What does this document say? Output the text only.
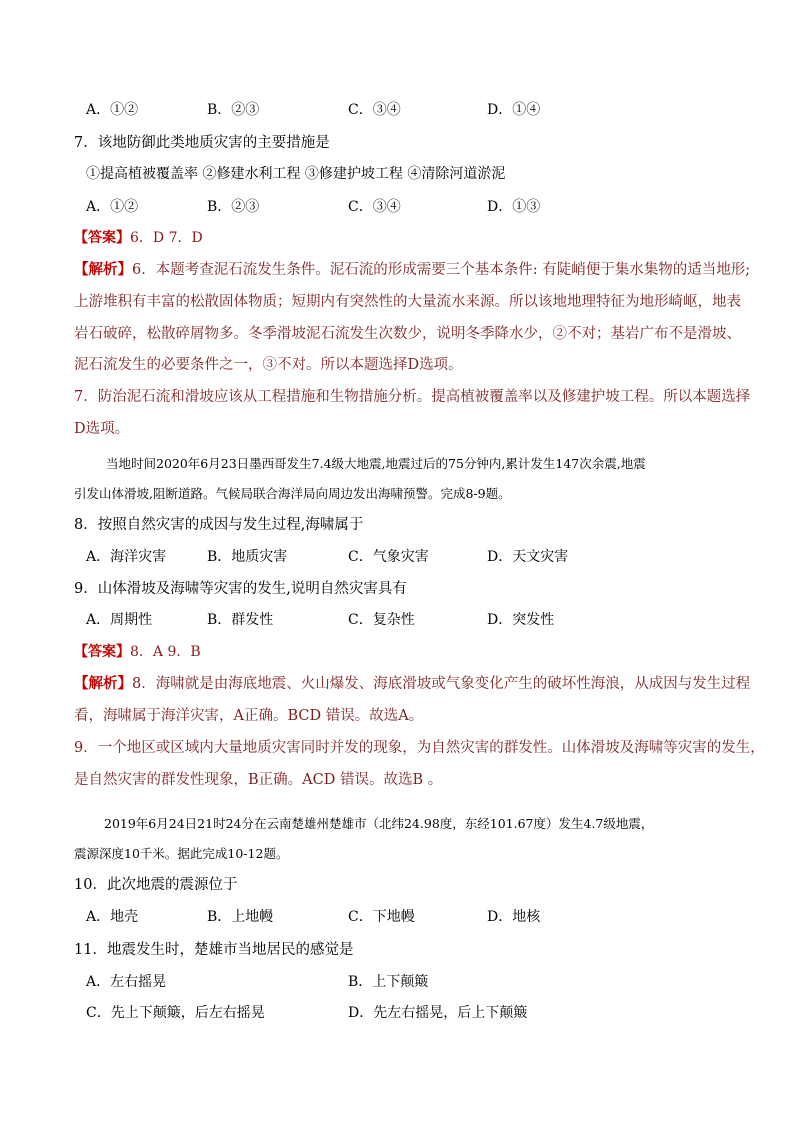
A．①②	B．②③	C．③④	D．①④
7．该地防御此类地质灾害的主要措施是
①提高植被覆盖率 ②修建水利工程 ③修建护坡工程 ④清除河道淤泥
A．①②	B．②③	C．③④	D．①③
【答案】6．D 7．D
【解析】6．本题考查泥石流发生条件。泥石流的形成需要三个基本条件: 有陡峭便于集水集物的适当地形;
上游堆积有丰富的松散固体物质；短期内有突然性的大量流水来源。所以该地地理特征为地形崎岖，地表
岩石破碎，松散碎屑物多。冬季滑坡泥石流发生次数少，说明冬季降水少，②不对；基岩广布不是滑坡、
泥石流发生的必要条件之一，③不对。所以本题选择D选项。
7．防治泥石流和滑坡应该从工程措施和生物措施分析。提高植被覆盖率以及修建护坡工程。所以本题选择
D选项。
当地时间2020年6月23日墨西哥发生7.4级大地震,地震过后的75分钟内,累计发生147次余震,地震
引发山体滑坡,阻断道路。气候局联合海洋局向周边发出海啸预警。完成8-9题。
8．按照自然灾害的成因与发生过程,海啸属于
A．海洋灾害	B．地质灾害	C．气象灾害	D．天文灾害
9．山体滑坡及海啸等灾害的发生,说明自然灾害具有
A．周期性	B．群发性	C．复杂性	D．突发性
【答案】8．A 9．B
【解析】8．海啸就是由海底地震、火山爆发、海底滑坡或气象变化产生的破坏性海浪，从成因与发生过程
看，海啸属于海洋灾害，A正确。BCD 错误。故选A。
9．一个地区或区域内大量地质灾害同时并发的现象，为自然灾害的群发性。山体滑坡及海啸等灾害的发生，
是自然灾害的群发性现象，B正确。ACD 错误。故选B 。
2019年6月24日21时24分在云南楚雄州楚雄市（北纬24.98度，东经101.67度）发生4.7级地震，
震源深度10千米。据此完成10-12题。
10．此次地震的震源位于
A．地壳	B．上地幔	C．下地幔	D．地核
11．地震发生时，楚雄市当地居民的感觉是
A．左右摇晃	B．上下颠簸
C．先上下颠簸，后左右摇晃	D．先左右摇晃，后上下颠簸
